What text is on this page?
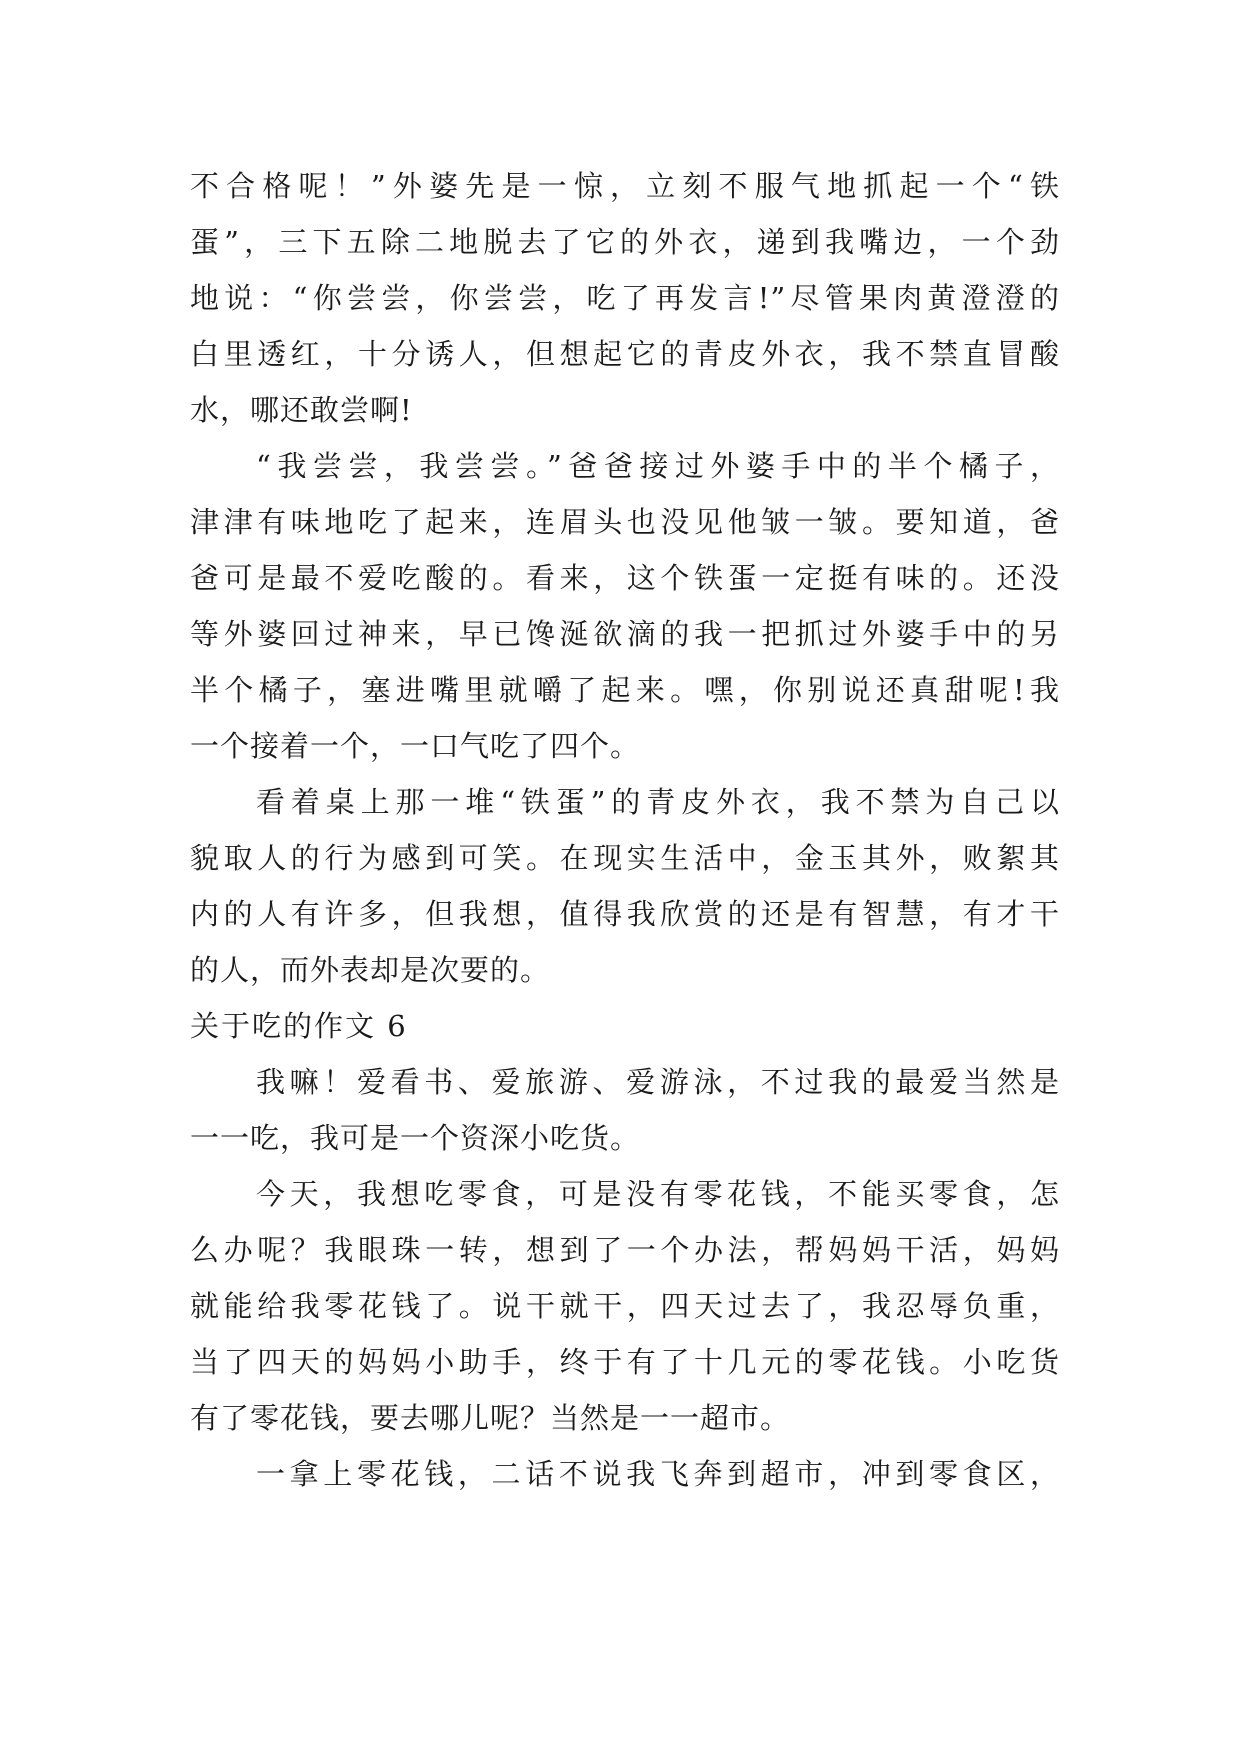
不合格呢！”外婆先是一惊，立刻不服气地抓起一个“铁
蛋”，三下五除二地脱去了它的外衣，递到我嘴边，一个劲
地说：“你尝尝，你尝尝，吃了再发言!”尽管果肉黄澄澄的
白里透红，十分诱人，但想起它的青皮外衣，我不禁直冒酸
水，哪还敢尝啊!
“我尝尝，我尝尝。”爸爸接过外婆手中的半个橘子，
津津有味地吃了起来，连眉头也没见他皱一皱。要知道，爸
爸可是最不爱吃酸的。看来，这个铁蛋一定挺有味的。还没
等外婆回过神来，早已馋涎欲滴的我一把抓过外婆手中的另
半个橘子，塞进嘴里就嚼了起来。嘿，你别说还真甜呢!我
一个接着一个，一口气吃了四个。
看着桌上那一堆“铁蛋”的青皮外衣，我不禁为自己以
貌取人的行为感到可笑。在现实生活中，金玉其外，败絮其
内的人有许多，但我想，值得我欣赏的还是有智慧，有才干
的人，而外表却是次要的。
关于吃的作文 6
我嘛！爱看书、爱旅游、爱游泳，不过我的最爱当然是
一一吃，我可是一个资深小吃货。
今天，我想吃零食，可是没有零花钱，不能买零食，怎
么办呢？我眼珠一转，想到了一个办法，帮妈妈干活，妈妈
就能给我零花钱了。说干就干，四天过去了，我忍辱负重，
当了四天的妈妈小助手，终于有了十几元的零花钱。小吃货
有了零花钱，要去哪儿呢？当然是一一超市。
一拿上零花钱，二话不说我飞奔到超市，冲到零食区，
